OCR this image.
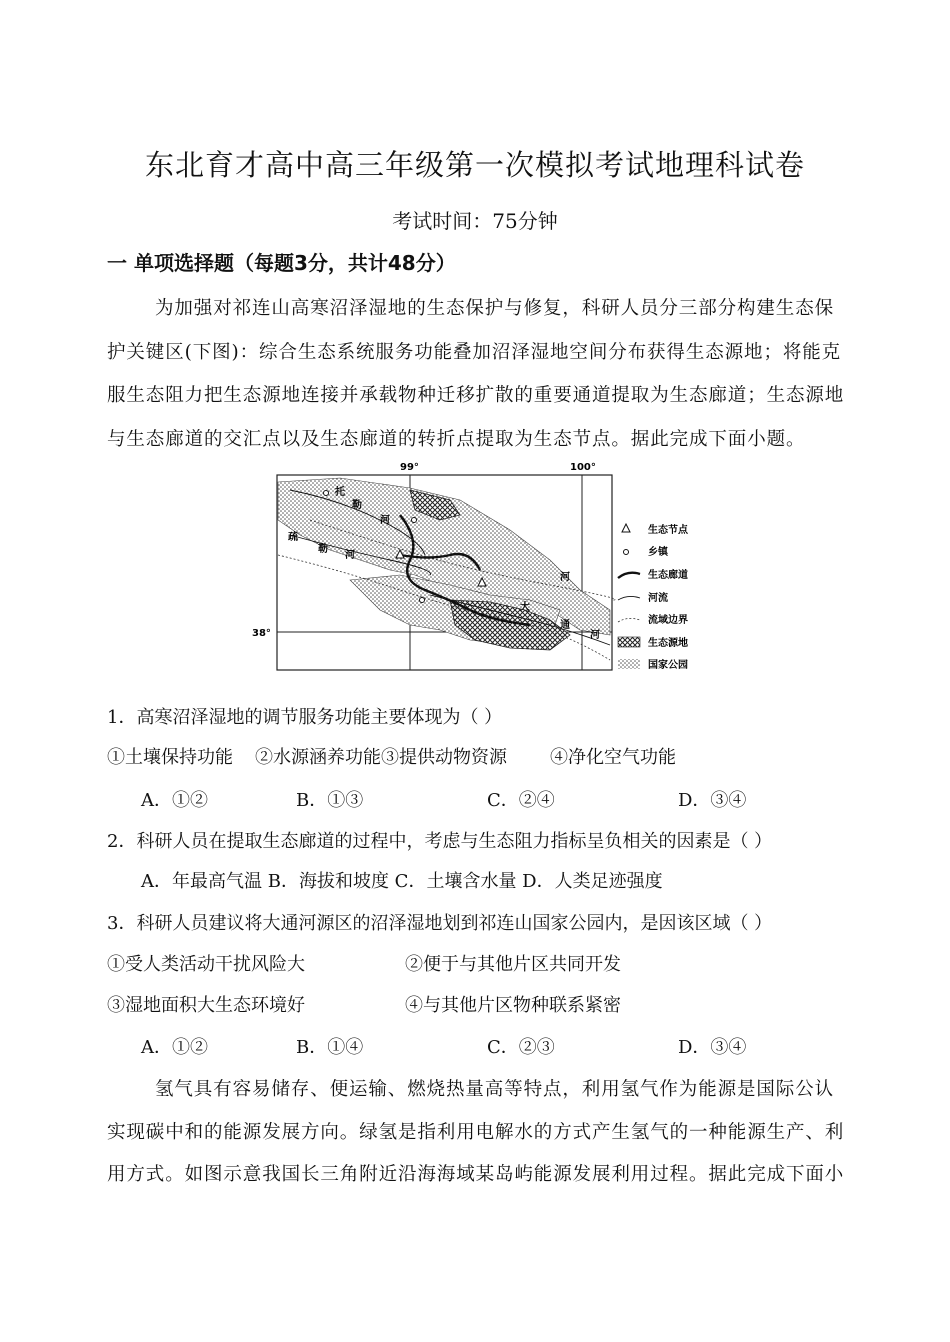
东北育才高中高三年级第一次模拟考试地理科试卷
考试时间：75分钟
一 单项选择题（每题3分，共计48分）
为加强对祁连山高寒沼泽湿地的生态保护与修复，科研人员分三部分构建生态保
护关键区(下图)：综合生态系统服务功能叠加沼泽湿地空间分布获得生态源地；将能克
服生态阻力把生态源地连接并承载物种迁移扩散的重要通道提取为生态廊道；生态源地
与生态廊道的交汇点以及生态廊道的转折点提取为生态节点。据此完成下面小题。
99°	100°
38°
托
勒
河
疏
勒
河
大
通
河
河
生态节点
乡镇
生态廊道
河流
流域边界
生态源地
国家公园
1．高寒沼泽湿地的调节服务功能主要体现为（ ）
①土壤保持功能 ②水源涵养功能③提供动物资源 ④净化空气功能
A．①②	B．①③	C．②④	D．③④
2．科研人员在提取生态廊道的过程中，考虑与生态阻力指标呈负相关的因素是（ ）
A．年最高气温 B．海拔和坡度 C．土壤含水量 D．人类足迹强度
3．科研人员建议将大通河源区的沼泽湿地划到祁连山国家公园内，是因该区域（ ）
①受人类活动干扰风险大	②便于与其他片区共同开发
③湿地面积大生态环境好	④与其他片区物种联系紧密
A．①②	B．①④	C．②③	D．③④
氢气具有容易储存、便运输、燃烧热量高等特点，利用氢气作为能源是国际公认
实现碳中和的能源发展方向。绿氢是指利用电解水的方式产生氢气的一种能源生产、利
用方式。如图示意我国长三角附近沿海海域某岛屿能源发展利用过程。据此完成下面小
